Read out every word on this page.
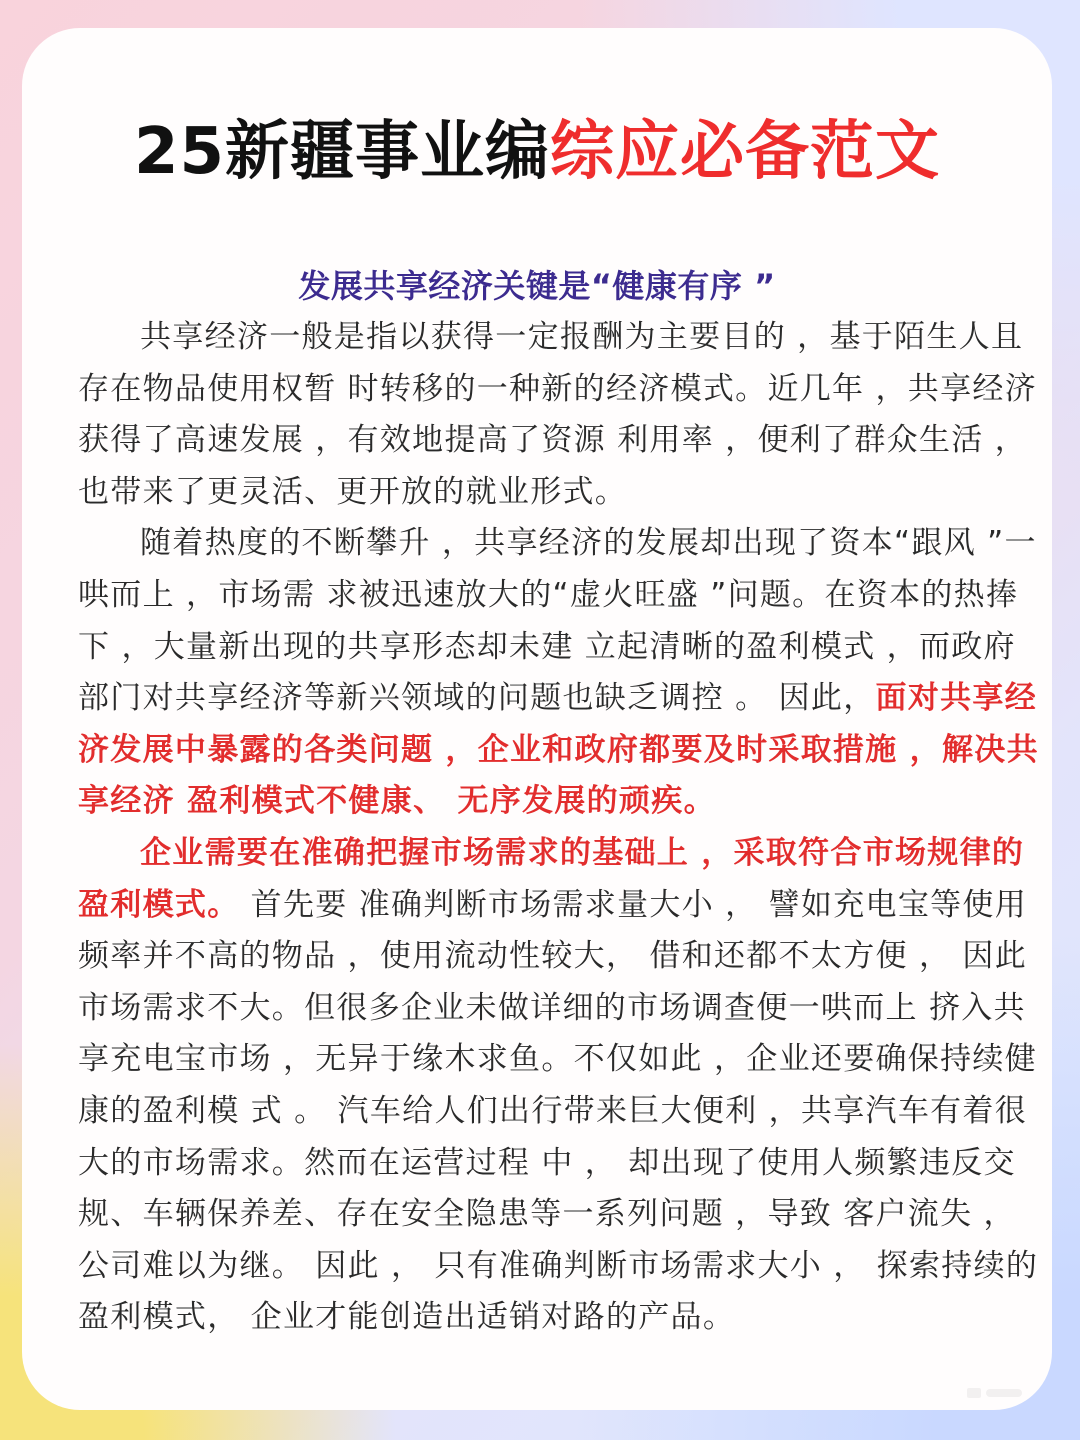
25新疆事业编综应必备范文
发展共享经济关键是“健康有序 ”

共享经济一般是指以获得一定报酬为主要目的 ，基于陌生人且存在物品使用权暂 时转移的一种新的经济模式。近几年 ，共享经济获得了高速发展 ，有效地提高了资源 利用率 ，便利了群众生活 ，也带来了更灵活、更开放的就业形式。

随着热度的不断攀升 ，共享经济的发展却出现了资本“跟风 ”一哄而上 ，市场需 求被迅速放大的“虚火旺盛 ”问题。在资本的热捧下 ，大量新出现的共享形态却未建 立起清晰的盈利模式 ，而政府部门对共享经济等新兴领域的问题也缺乏调控 。 因此，面对共享经济发展中暴露的各类问题 ，企业和政府都要及时采取措施 ，解决共享经济 盈利模式不健康、 无序发展的顽疾。

企业需要在准确把握市场需求的基础上 ，采取符合市场规律的盈利模式。 首先要 准确判断市场需求量大小 ， 譬如充电宝等使用频率并不高的物品 ，使用流动性较大， 借和还都不太方便 ， 因此市场需求不大。但很多企业未做详细的市场调查便一哄而上 挤入共享充电宝市场 ，无异于缘木求鱼。不仅如此 ，企业还要确保持续健康的盈利模 式 。 汽车给人们出行带来巨大便利 ，共享汽车有着很大的市场需求。然而在运营过程 中 ， 却出现了使用人频繁违反交规、车辆保养差、存在安全隐患等一系列问题 ，导致 客户流失 ， 公司难以为继。 因此 ， 只有准确判断市场需求大小 ， 探索持续的盈利模式， 企业才能创造出适销对路的产品。
